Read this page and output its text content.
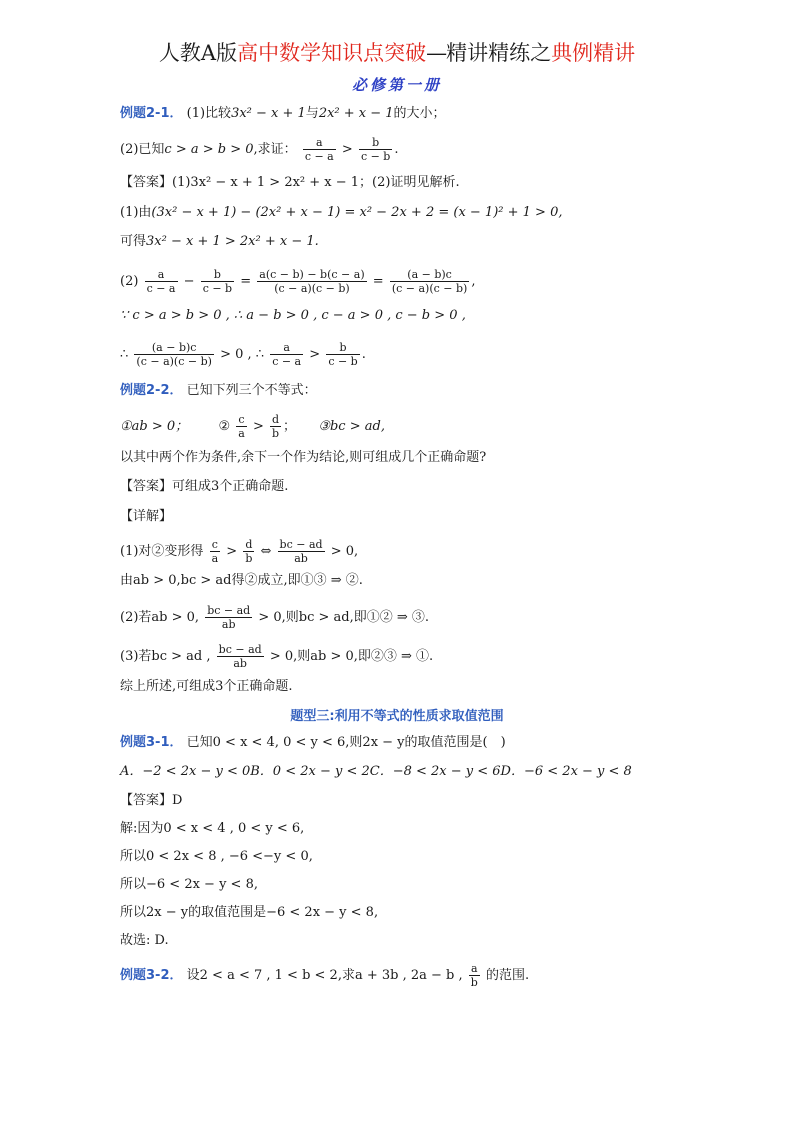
人教A版高中数学知识点突破—精讲精练之典例精讲
必修第一册
例题2-1． (1)比较3x² − x + 1与2x² + x − 1的大小；
(2)已知c > a > b > 0,求证： $\frac{a}{c - a} > \frac{b}{c - b}$ .
【答案】(1)3x² − x + 1 > 2x² + x − 1；(2)证明见解析.
(1)由(3x² − x + 1) − (2x² + x − 1) = x² − 2x + 2 = (x − 1)² + 1 > 0,
可得3x² − x + 1 > 2x² + x − 1.
$(2) \frac{a}{c - a} - \frac{b}{c - b} = \frac{a(c - b) - b(c - a)}{(c - a)(c - b)} = \frac{(a - b)c}{(c - a)(c - b)}$ ,
∵ c > a > b > 0 , ∴ a − b > 0 , c − a > 0 , c − b > 0 ,
∴ $\frac{(a - b)c}{(c - a)(c - b)} > 0$ , ∴ $\frac{a}{c - a} > \frac{b}{c - b}$ .
例题2-2． 已知下列三个不等式：
①ab > 0； ② $\frac{c}{a} > \frac{d}{b}$ ； ③bc > ad,
以其中两个作为条件,余下一个作为结论,则可组成几个正确命题?
【答案】可组成3个正确命题.
【详解】
(1)对②变形得 $\frac{c}{a} > \frac{d}{b}$ ⇔ $\frac{bc - ad}{ab} > 0$,
由ab > 0,bc > ad得②成立,即①③ ⇒ ②.
(2)若ab > 0, $\frac{bc - ad}{ab} > 0$,则bc > ad,即①② ⇒ ③.
(3)若bc > ad , $\frac{bc - ad}{ab} > 0$,则ab > 0,即②③ ⇒ ①.
综上所述,可组成3个正确命题.
题型三:利用不等式的性质求取值范围
例题3-1． 已知0 < x < 4, 0 < y < 6,则2x − y的取值范围是(　)
A．−2 < 2x − y < 0B．0 < 2x − y < 2C．−8 < 2x − y < 6D．−6 < 2x − y < 8
【答案】D
解:因为0 < x < 4 , 0 < y < 6,
所以0 < 2x < 8 , −6 <−y < 0,
所以−6 < 2x − y < 8,
所以2x − y的取值范围是−6 < 2x − y < 8,
故选: D.
例题3-2． 设2 < a < 7 , 1 < b < 2,求a + 3b , 2a − b , $\frac{a}{b}$ 的范围.
